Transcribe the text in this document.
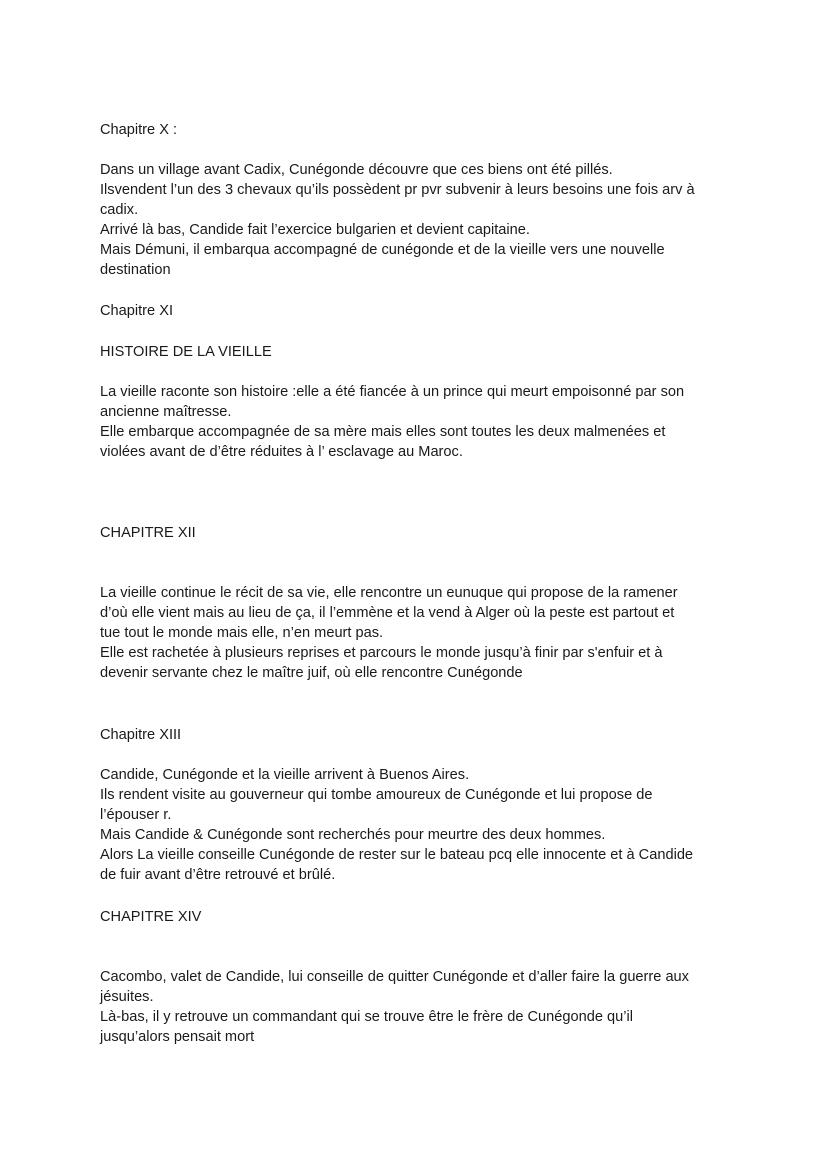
Chapitre X :

Dans un village avant Cadix, Cunégonde découvre que ces biens ont été pillés.
Ilsvendent l’un des 3 chevaux qu’ils possèdent pr pvr subvenir à leurs besoins une fois arv à
cadix.
Arrivé là bas, Candide fait l’exercice bulgarien et devient capitaine.
Mais Démuni, il embarqua accompagné de cunégonde et de la vieille vers une nouvelle
destination

Chapitre XI

HISTOIRE DE LA VIEILLE

La vieille raconte son histoire :elle a été fiancée à un prince qui meurt empoisonné par son
ancienne maîtresse.
Elle embarque accompagnée de sa mère mais elles sont toutes les deux malmenées et
violées avant de d’être réduites à l’ esclavage au Maroc.

CHAPITRE XII

La vieille continue le récit de sa vie, elle rencontre un eunuque qui propose de la ramener
d’où elle vient mais au lieu de ça, il l’emmène et la vend à Alger où la peste est partout et
tue tout le monde mais elle, n’en meurt pas.
Elle est rachetée à plusieurs reprises et parcours le monde jusqu’à finir par s'enfuir et à
devenir servante chez le maître juif, où elle rencontre Cunégonde

Chapitre XIII

Candide, Cunégonde et la vieille arrivent à Buenos Aires.
Ils rendent visite au gouverneur qui tombe amoureux de Cunégonde et lui propose de
l’épouser r.
Mais Candide & Cunégonde sont recherchés pour meurtre des deux hommes.
Alors La vieille conseille Cunégonde de rester sur le bateau pcq elle innocente et à Candide
de fuir avant d’être retrouvé et brûlé.

CHAPITRE XIV

Cacombo, valet de Candide, lui conseille de quitter Cunégonde et d’aller faire la guerre aux
jésuites.
Là-bas, il y retrouve un commandant qui se trouve être le frère de Cunégonde qu’il
jusqu’alors pensait mort
